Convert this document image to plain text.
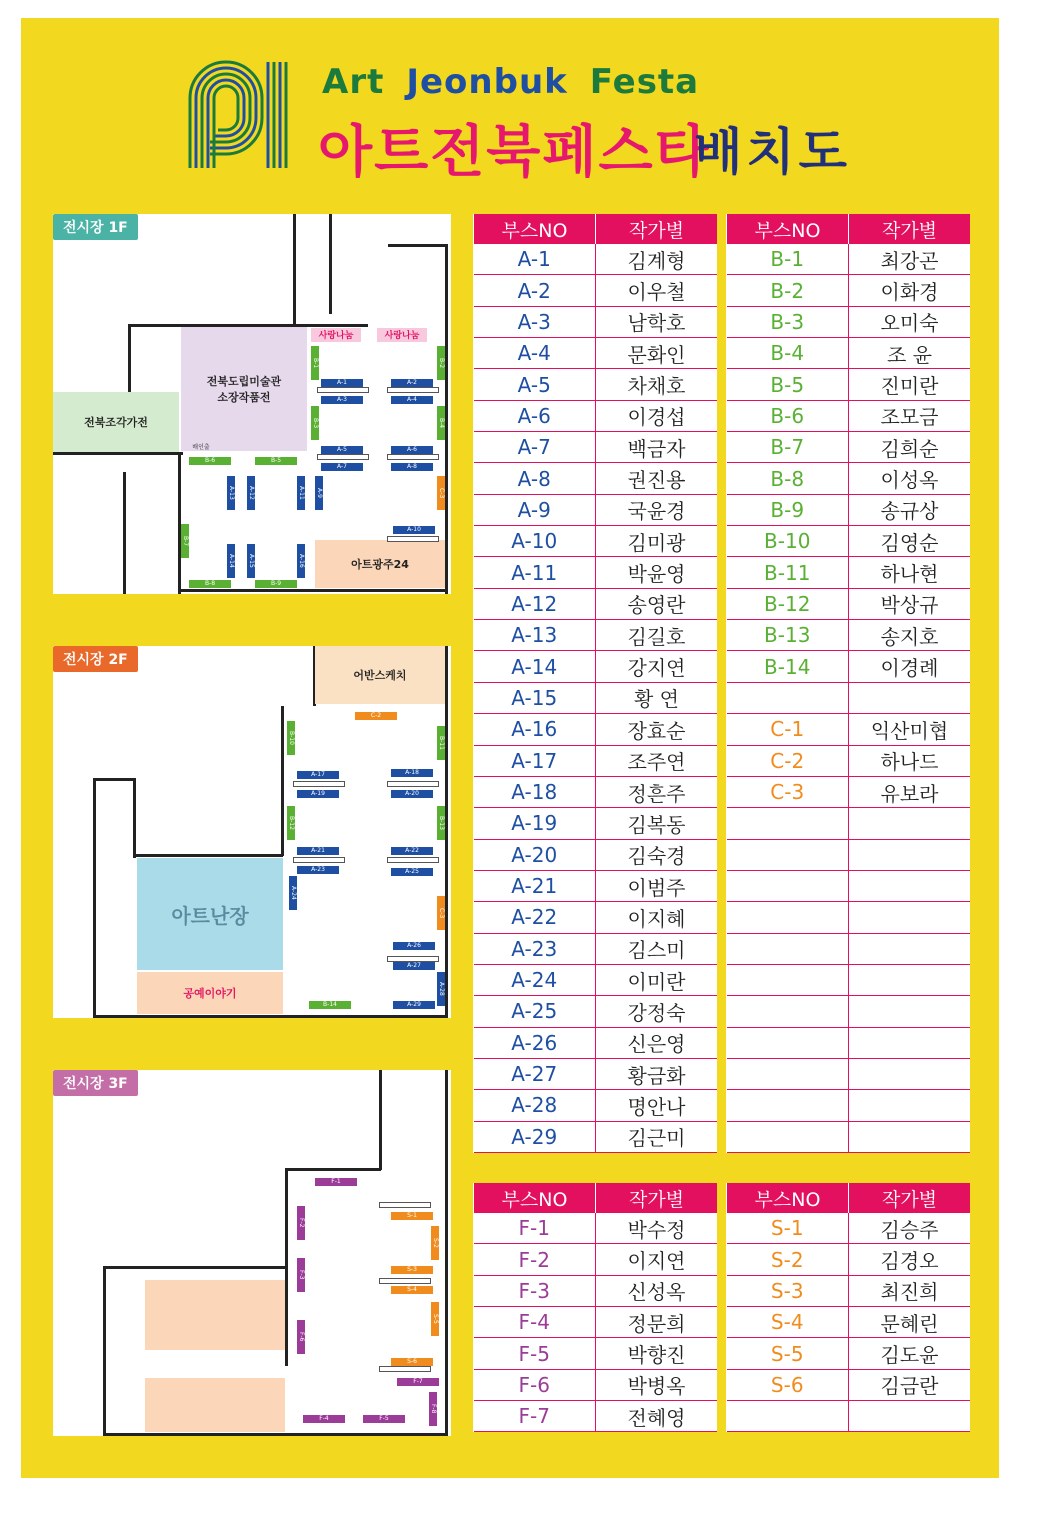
Art Jeonbuk Festa
아트전북페스타
배치도
전시장 1F
전북도립미술관
소장작품전
전북조각가전
아트광주24
사랑나눔	사랑나눔
배인출
A-1
A-3
A-2
A-4
A-5
A-7
A-6
A-8
A-10
A-13 A-12	A-11 A-9
A-14 A-15	A-16
B-1
B-3
B-2
B-4
B-6	B-5
B-7
B-8	B-9
C-3
전시장 2F
어반스케치
아트난장
공예이야기
C-2
A-17
A-19
A-18
A-20
A-21
A-23
A-22
A-25
A-24
A-26
A-27
A-28
A-29
B-10
B-12
B-11
B-13
B-14
C-3
전시장 3F
F-1
F-2
F-3
F-6
F-4	F-5
F-7
F-8
S-1
S-2
S-3
S-4
S-5
S-6
부스NO	작가별
A-1	김계형
A-2	이우철
A-3	남학호
A-4	문화인
A-5	차채호
A-6	이경섭
A-7	백금자
A-8	권진용
A-9	국윤경
A-10	김미광
A-11	박윤영
A-12	송영란
A-13	김길호
A-14	강지연
A-15	황 연
A-16	장효순
A-17	조주연
A-18	정흔주
A-19	김복동
A-20	김숙경
A-21	이범주
A-22	이지혜
A-23	김스미
A-24	이미란
A-25	강정숙
A-26	신은영
A-27	황금화
A-28	명안나
A-29	김근미
부스NO	작가별
B-1	최강곤
B-2	이화경
B-3	오미숙
B-4	조 윤
B-5	진미란
B-6	조모금
B-7	김희순
B-8	이성옥
B-9	송규상
B-10	김영순
B-11	하나현
B-12	박상규
B-13	송지호
B-14	이경례

C-1	익산미협
C-2	하나드
C-3	유보라

부스NO	작가별
F-1	박수정
F-2	이지연
F-3	신성옥
F-4	정문희
F-5	박향진
F-6	박병옥
F-7	전혜영
부스NO	작가별
S-1	김승주
S-2	김경오
S-3	최진희
S-4	문혜린
S-5	김도윤
S-6	김금란
